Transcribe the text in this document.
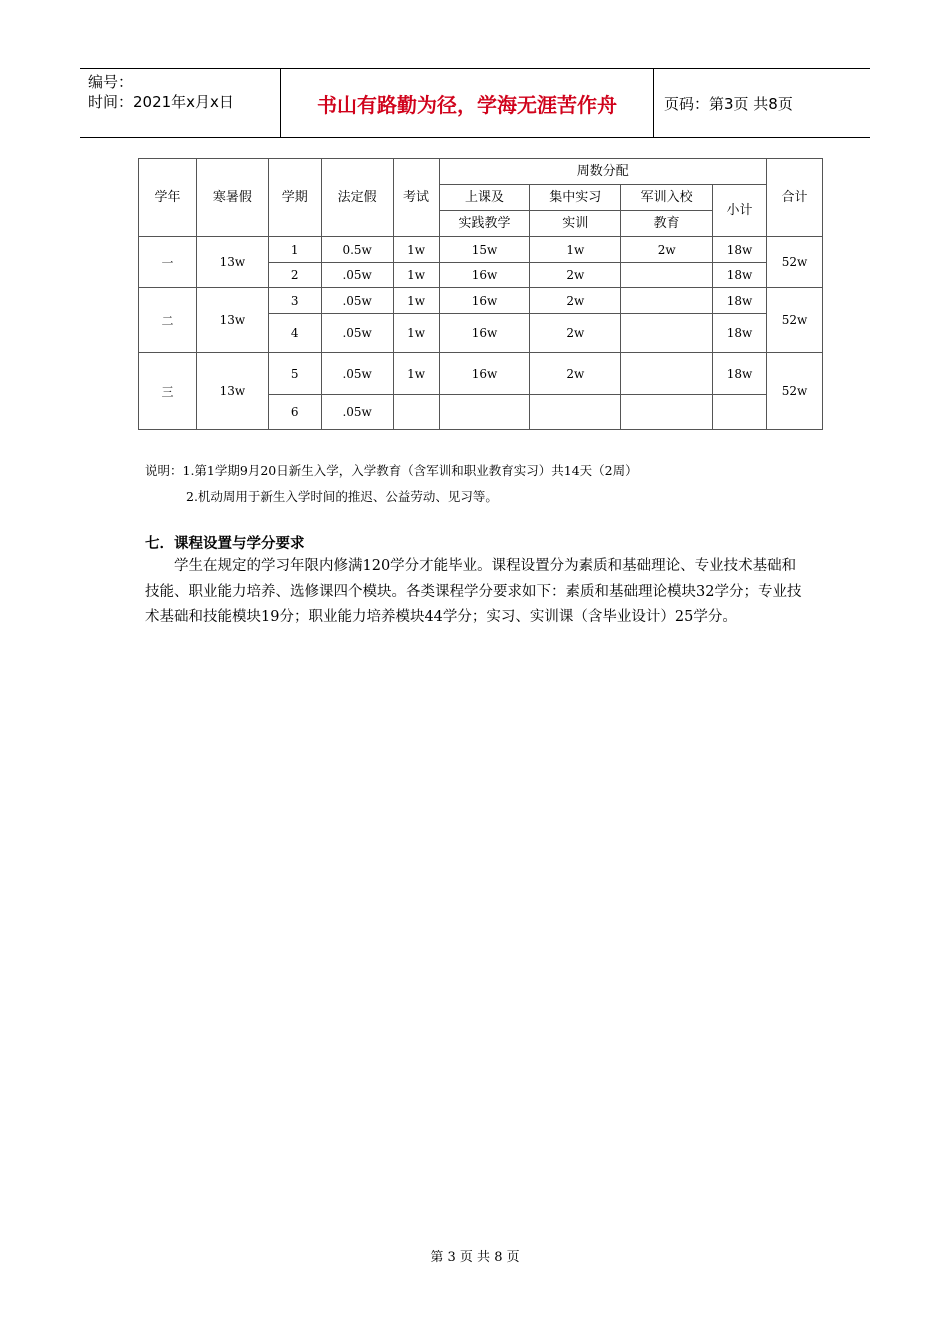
编号：
时间：2021年x月x日	书山有路勤为径，学海无涯苦作舟	页码：第3页 共8页
学年	寒暑假	学期	法定假	考试	周数分配				合计
					上课及	集中实习	军训入校	小计	
					实践教学	实训	教育		
一	13w	1	0.5w	1w	15w	1w	2w	18w	52w
		2	.05w	1w	16w	2w		18w	
二	13w	3	.05w	1w	16w	2w		18w	52w
		4	.05w	1w	16w	2w		18w	
三	13w	5	.05w	1w	16w	2w		18w	52w
		6	.05w						
说明：1.第1学期9月20日新生入学，入学教育（含军训和职业教育实习）共14天（2周）
2.机动周用于新生入学时间的推迟、公益劳动、见习等。
七．课程设置与学分要求
学生在规定的学习年限内修满120学分才能毕业。课程设置分为素质和基础理论、专业技术基础和技能、职业能力培养、选修课四个模块。各类课程学分要求如下：素质和基础理论模块32学分；专业技术基础和技能模块19分；职业能力培养模块44学分；实习、实训课（含毕业设计）25学分。
第 3 页 共 8 页
